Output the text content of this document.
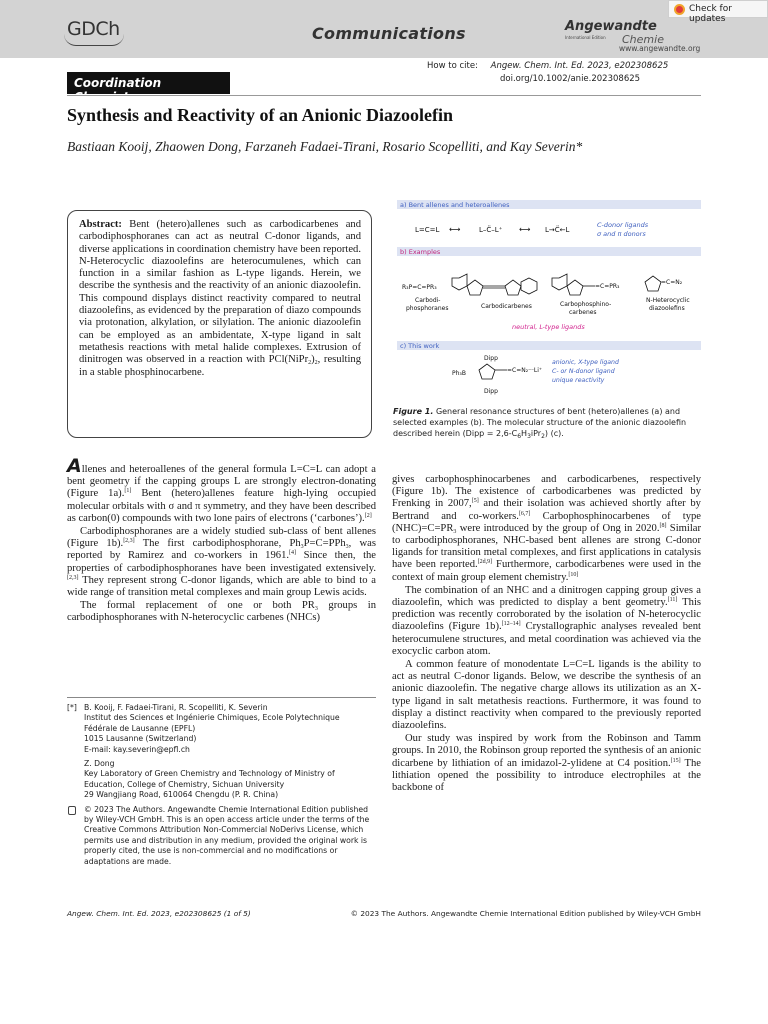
GDCh	Communications	Angewandte
International Edition Chemie
www.angewandte.org
Check for updates
How to cite: Angew. Chem. Int. Ed. 2023, e202308625
doi.org/10.1002/anie.202308625
Coordination Chemistry
Synthesis and Reactivity of an Anionic Diazoolefin
Bastiaan Kooij, Zhaowen Dong, Farzaneh Fadaei-Tirani, Rosario Scopelliti, and Kay Severin*
Abstract: Bent (hetero)allenes such as carbodicarbenes and carbodiphosphoranes can act as neutral C-donor ligands, and diverse applications in coordination chemistry have been reported. N-Heterocyclic diazoolefins are heterocumulenes, which can function in a similar fashion as L-type ligands. Herein, we describe the synthesis and the reactivity of an anionic diazoolefin. This compound displays distinct reactivity compared to neutral diazoolefins, as evidenced by the preparation of diazo compounds via protonation, alkylation, or silylation. The anionic diazoolefin can be employed as an ambidentate, X-type ligand in salt metathesis reactions with metal halide complexes. Extrusion of dinitrogen was observed in a reaction with $PCl(NiPr_2)_2$, resulting in a stable phosphinocarbene.
a) Bent allenes and heteroallenes
L=C=L ⟷	L–C̈–L⁺ ⟷ L→C̈←L
C-donor ligands
σ and π donors
b) Examples
R₃P=C=PR₃
Carbodi-
phosphoranes	Carbodicarbenes
=C=PR₃
Carbophosphino-
carbenes
=C=N₂
N-Heterocyclic
diazoolefins
neutral, L-type ligands
c) This work
Dipp
Ph₃B	=C=N₂···Li⁺
Dipp
anionic, X-type ligand
C- or N-donor ligand
unique reactivity
Figure 1. General resonance structures of bent (hetero)allenes (a) and selected examples (b). The molecular structure of the anionic diazoolefin described herein (Dipp = $2,6-C_6H_3iPr_2$) (c).

Allenes and heteroallenes of the general formula L=C=L can adopt a bent geometry if the capping groups L are strongly electron-donating (Figure 1a).[1] Bent (hetero)allenes feature high-lying occupied molecular orbitals with σ and π symmetry, and they have been described as carbon(0) compounds with two lone pairs of electrons (‘carbones’).[2]

Carbodiphosphoranes are a widely studied sub-class of bent allenes (Figure 1b).[2,3] The first carbodiphosphorane, $Ph_3P=C=PPh_3$, was reported by Ramirez and co-workers in 1961.[4] Since then, the properties of carbodiphosphoranes have been investigated extensively.[2,3] They represent strong C-donor ligands, which are able to bind to a wide range of transition metal complexes and main group Lewis acids.

The formal replacement of one or both $PR_3$ groups in carbodiphosphoranes with N-heterocyclic carbenes (NHCs)

gives carbophosphinocarbenes and carbodicarbenes, respectively (Figure 1b). The existence of carbodicarbenes was predicted by Frenking in 2007,[5] and their isolation was achieved shortly after by Bertrand and co-workers.[6,7] Carbophosphinocarbenes of type $(NHC)=C=PR_3$ were introduced by the group of Ong in 2020.[8] Similar to carbodiphosphoranes, NHC-based bent allenes are strong C-donor ligands for transition metal complexes, and first applications in catalysis have been reported.[2d,9] Furthermore, carbodicarbenes were used in the context of main group element chemistry.[10]

The combination of an NHC and a dinitrogen capping group gives a diazoolefin, which was predicted to display a bent geometry.[11] This prediction was recently corroborated by the isolation of N-heterocyclic diazoolefins (Figure 1b).[12–14] Crystallographic analyses revealed bent heterocumulene structures, and metal coordination was achieved via the exocyclic carbon atom.

A common feature of monodentate L=C=L ligands is the ability to act as neutral C-donor ligands. Below, we describe the synthesis of an anionic diazoolefin. The negative charge allows its utilization as an X-type ligand in salt metathesis reactions. Furthermore, it was found to display a distinct reactivity when compared to the previously reported diazoolefins.

Our study was inspired by work from the Robinson and Tamm groups. In 2010, the Robinson group reported the synthesis of an anionic dicarbene by lithiation of an imidazol-2-ylidene at C4 position.[15] The lithiation opened the possibility to introduce electrophiles at the backbone of

[*] B. Kooij, F. Fadaei-Tirani, R. Scopelliti, K. Severin
Institut des Sciences et Ingénierie Chimiques, Ecole Polytechnique
Fédérale de Lausanne (EPFL)
1015 Lausanne (Switzerland)
E-mail: kay.severin@epfl.ch
Z. Dong
Key Laboratory of Green Chemistry and Technology of Ministry of
Education, College of Chemistry, Sichuan University
29 Wangjiang Road, 610064 Chengdu (P. R. China)
© 2023 The Authors. Angewandte Chemie International Edition published by Wiley-VCH GmbH. This is an open access article under the terms of the Creative Commons Attribution Non-Commercial NoDerivs License, which permits use and distribution in any medium, provided the original work is properly cited, the use is non-commercial and no modifications or adaptations are made.
Angew. Chem. Int. Ed. 2023, e202308625 (1 of 5)	© 2023 The Authors. Angewandte Chemie International Edition published by Wiley-VCH GmbH
